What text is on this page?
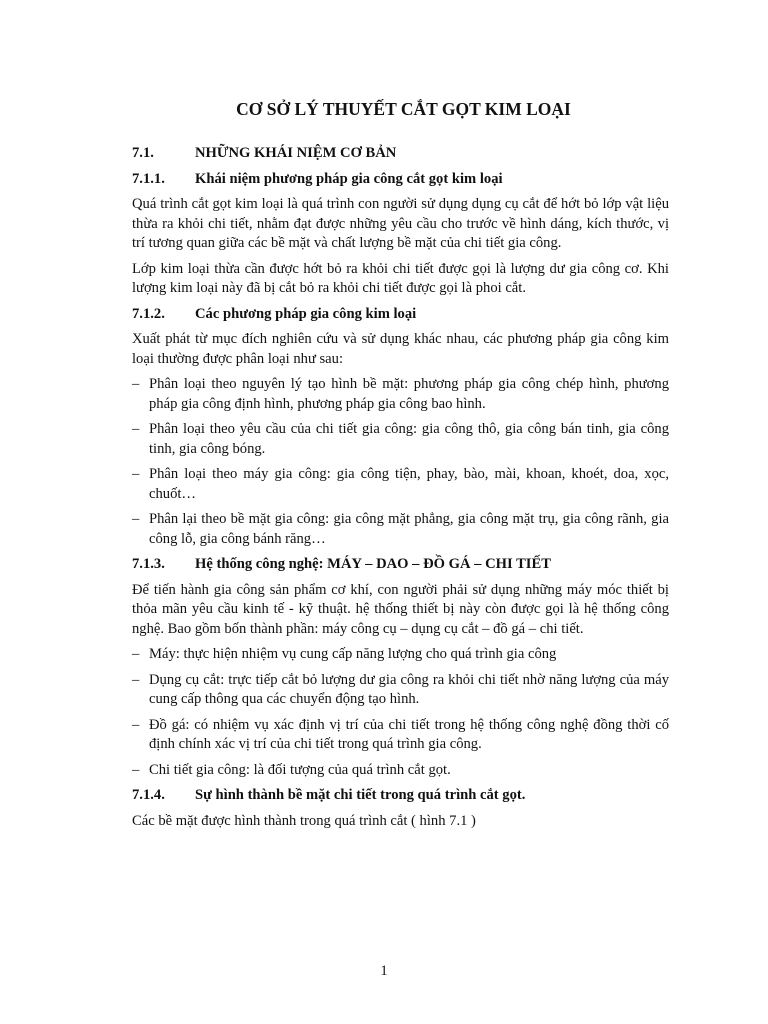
CƠ SỞ LÝ THUYẾT CẮT GỌT KIM LOẠI
7.1.	NHỮNG KHÁI NIỆM CƠ BẢN
7.1.1.	Khái niệm phương pháp gia công cắt gọt kim loại

Quá trình cắt gọt kim loại là quá trình con người sử dụng dụng cụ cắt để hớt bỏ lớp vật liệu thừa ra khỏi chi tiết, nhằm đạt được những yêu cầu cho trước về hình dáng, kích thước, vị trí tương quan giữa các bề mặt và chất lượng bề mặt của chi tiết gia công.

Lớp kim loại thừa cần được hớt bỏ ra khỏi chi tiết được gọi là lượng dư gia công cơ. Khi lượng kim loại này đã bị cắt bỏ ra khỏi chi tiết được gọi là phoi cắt.

7.1.2.	Các phương pháp gia công kim loại

Xuất phát từ mục đích nghiên cứu và sử dụng khác nhau, các phương pháp gia công kim loại thường được phân loại như sau:

– Phân loại theo nguyên lý tạo hình bề mặt: phương pháp gia công chép hình, phương pháp gia công định hình, phương pháp gia công bao hình.
– Phân loại theo yêu cầu của chi tiết gia công: gia công thô, gia công bán tinh, gia công tinh, gia công bóng.
– Phân loại theo máy gia công: gia công tiện, phay, bào, mài, khoan, khoét, doa, xọc, chuốt…
– Phân lại theo bề mặt gia công: gia công mặt phẳng, gia công mặt trụ, gia công rãnh, gia công lỗ, gia công bánh răng…
7.1.3.	Hệ thống công nghệ: MÁY – DAO – ĐỒ GÁ – CHI TIẾT

Để tiến hành gia công sản phẩm cơ khí, con người phải sử dụng những máy móc thiết bị thỏa mãn yêu cầu kinh tế - kỹ thuật. hệ thống thiết bị này còn được gọi là hệ thống công nghệ. Bao gồm bốn thành phần: máy công cụ – dụng cụ cắt – đồ gá – chi tiết.

– Máy: thực hiện nhiệm vụ cung cấp năng lượng cho quá trình gia công
– Dụng cụ cắt: trực tiếp cắt bỏ lượng dư gia công ra khỏi chi tiết nhờ năng lượng của máy cung cấp thông qua các chuyển động tạo hình.
– Đồ gá: có nhiệm vụ xác định vị trí của chi tiết trong hệ thống công nghệ đồng thời cố định chính xác vị trí của chi tiết trong quá trình gia công.
– Chi tiết gia công: là đối tượng của quá trình cắt gọt.
7.1.4.	Sự hình thành bề mặt chi tiết trong quá trình cắt gọt.

Các bề mặt được hình thành trong quá trình cắt ( hình 7.1 )

1
